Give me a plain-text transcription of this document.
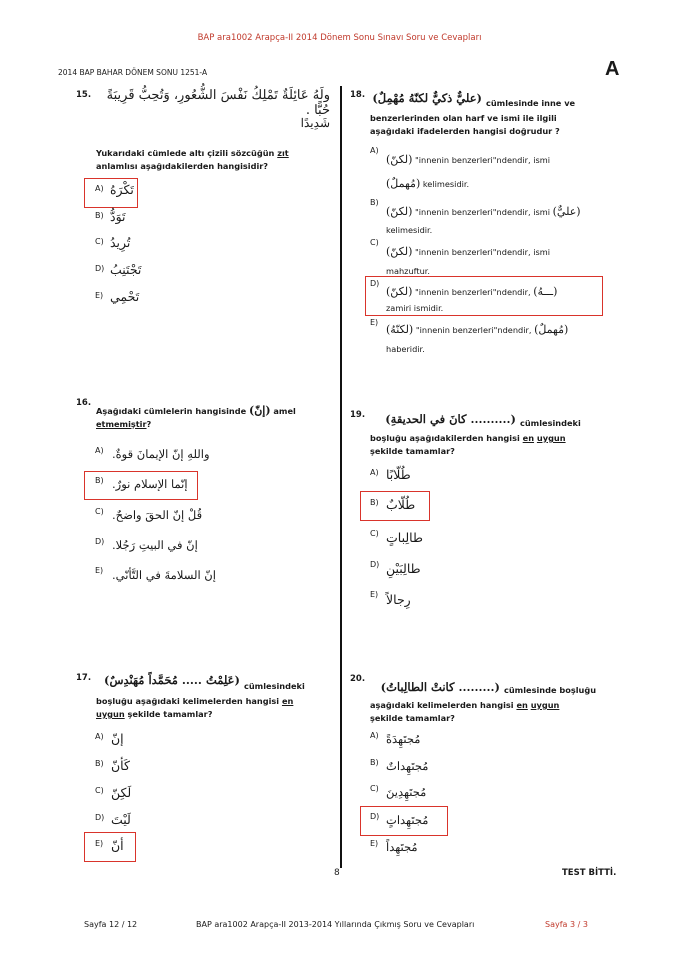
BAP ara1002 Arapça-II 2014 Dönem Sonu Sınavı Soru ve Cevapları
2014 BAP BAHAR DÖNEM SONU 1251-A	A
15.	ولَهُ عَائِلَةٌ تَمْلِكُ نَفْسَ الشُّعُورِ، وَتُحِبُّ قَرِيبَةً حُبًّا .
شَدِيدًا
Yukarıdaki cümlede altı çizili sözcüğün zıt
anlamlısı aşağıdakilerden hangisidir?
A) تَكْرَهُ
B) تَوَدُّ
C) تُرِيدُ
D) تَجْتَنِبُ
E) تَحْمِي
16.
Aşağıdaki cümlelerin hangisinde (إنّ) amel
etmemiştir?
A) واللهِ إنّ الإيمانَ قوةٌ.
B) إنّما الإسلام نورٌ.
C) قُلْ إنّ الحقَ واضحٌ.
D) إنّ في البيتِ رَجُلا.
E) إنّ السلامةَ في التَّأنّي.
17.	(عَلِمْتُ ..... مُحَمَّداً مُهَنْدِسٌ) cümlesindeki
boşluğu aşağıdaki kelimelerden hangisi en
uygun şekilde tamamlar?
A) إنّ
B) كَأنّ
C) لَكِنّ
D) لَيْتَ
E) أنّ
18. (عليٌّ ذكيٌّ لكنّهُ مُهْمِلٌ) cümlesinde inne ve
benzerlerinden olan harf ve ismi ile ilgili
aşağıdaki ifadelerden hangisi doğrudur ?
A)
(لكنّ) "innenin benzerleri"ndendir, ismi
(مُهملٌ) kelimesidir.
B)
(لكنّ) "innenin benzerleri"ndendir, ismi (عليٌّ)
kelimesidir.
C)
(لكنّ) "innenin benzerleri"ndendir, ismi
mahzuftur.
D)
(لكنّ) "innenin benzerleri"ndendir, (ـــهُ)
zamiri ismidir.
E)
(لكنّهُ) "innenin benzerleri"ndendir, (مُهملٌ)
haberidir.
19.	(.......... كانَ في الحديقةِ) cümlesindeki
boşluğu aşağıdakilerden hangisi en uygun
şekilde tamamlar?
A) طُلّابًا
B) طُلّابٌ
C) طالِباتٍ
D) طالِبَيْنِ
E) رِجالاً
20.
(......... كانتْ الطالِباتُ) cümlesinde boşluğu
aşağıdaki kelimelerden hangisi en uygun
şekilde tamamlar?
A) مُجتَهِدَةً
B) مُجتَهِداتٌ
C) مُجتَهِدِينَ
D) مُجتَهِداتٍ
E) مُجتَهِداً
8	TEST BİTTİ.
Sayfa 12 / 12	BAP ara1002 Arapça-II 2013-2014 Yıllarında Çıkmış Soru ve Cevapları	Sayfa 3 / 3
